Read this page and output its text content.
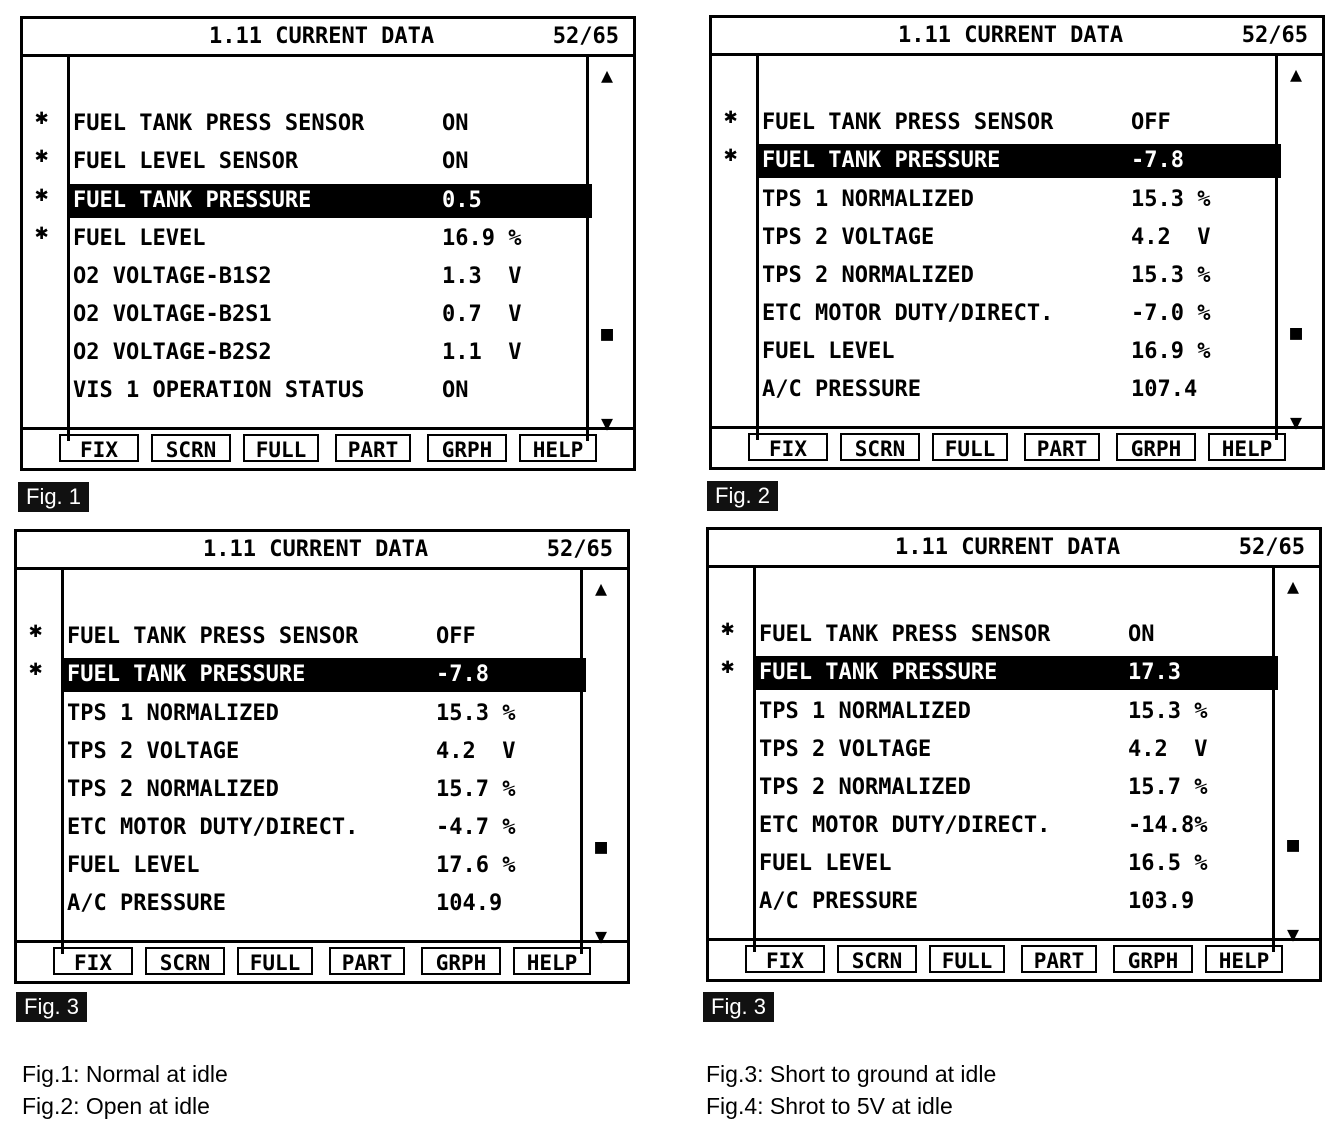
1.11 CURRENT DATA	52/65
✱
✱
✱
✱
FUEL TANK PRESS SENSOR	ON
FUEL LEVEL SENSOR	ON
FUEL TANK PRESSURE	0.5
FUEL LEVEL	16.9 %
O2 VOLTAGE-B1S2	1.3  V
O2 VOLTAGE-B2S1	0.7  V
O2 VOLTAGE-B2S2	1.1  V
VIS 1 OPERATION STATUS	ON
▲
■
▼
FIX	SCRN	FULL	PART	GRPH	HELP
Fig. 1
1.11 CURRENT DATA	52/65
✱
✱
FUEL TANK PRESS SENSOR	OFF
FUEL TANK PRESSURE	-7.8
TPS 1 NORMALIZED	15.3 %
TPS 2 VOLTAGE	4.2  V
TPS 2 NORMALIZED	15.3 %
ETC MOTOR DUTY/DIRECT.	-7.0 %
FUEL LEVEL	16.9 %
A/C PRESSURE	107.4
▲
■
▼
FIX	SCRN	FULL	PART	GRPH	HELP
Fig. 2
1.11 CURRENT DATA	52/65
✱
✱
FUEL TANK PRESS SENSOR	OFF
FUEL TANK PRESSURE	-7.8
TPS 1 NORMALIZED	15.3 %
TPS 2 VOLTAGE	4.2  V
TPS 2 NORMALIZED	15.7 %
ETC MOTOR DUTY/DIRECT.	-4.7 %
FUEL LEVEL	17.6 %
A/C PRESSURE	104.9
▲
■
▼
FIX	SCRN	FULL	PART	GRPH	HELP
Fig. 3
1.11 CURRENT DATA	52/65
✱
✱
FUEL TANK PRESS SENSOR	ON
FUEL TANK PRESSURE	17.3
TPS 1 NORMALIZED	15.3 %
TPS 2 VOLTAGE	4.2  V
TPS 2 NORMALIZED	15.7 %
ETC MOTOR DUTY/DIRECT.	-14.8%
FUEL LEVEL	16.5 %
A/C PRESSURE	103.9
▲
■
▼
FIX	SCRN	FULL	PART	GRPH	HELP
Fig. 3
Fig.1: Normal at idle
Fig.2: Open at idle
Fig.3: Short to ground at idle
Fig.4: Shrot to 5V at idle
